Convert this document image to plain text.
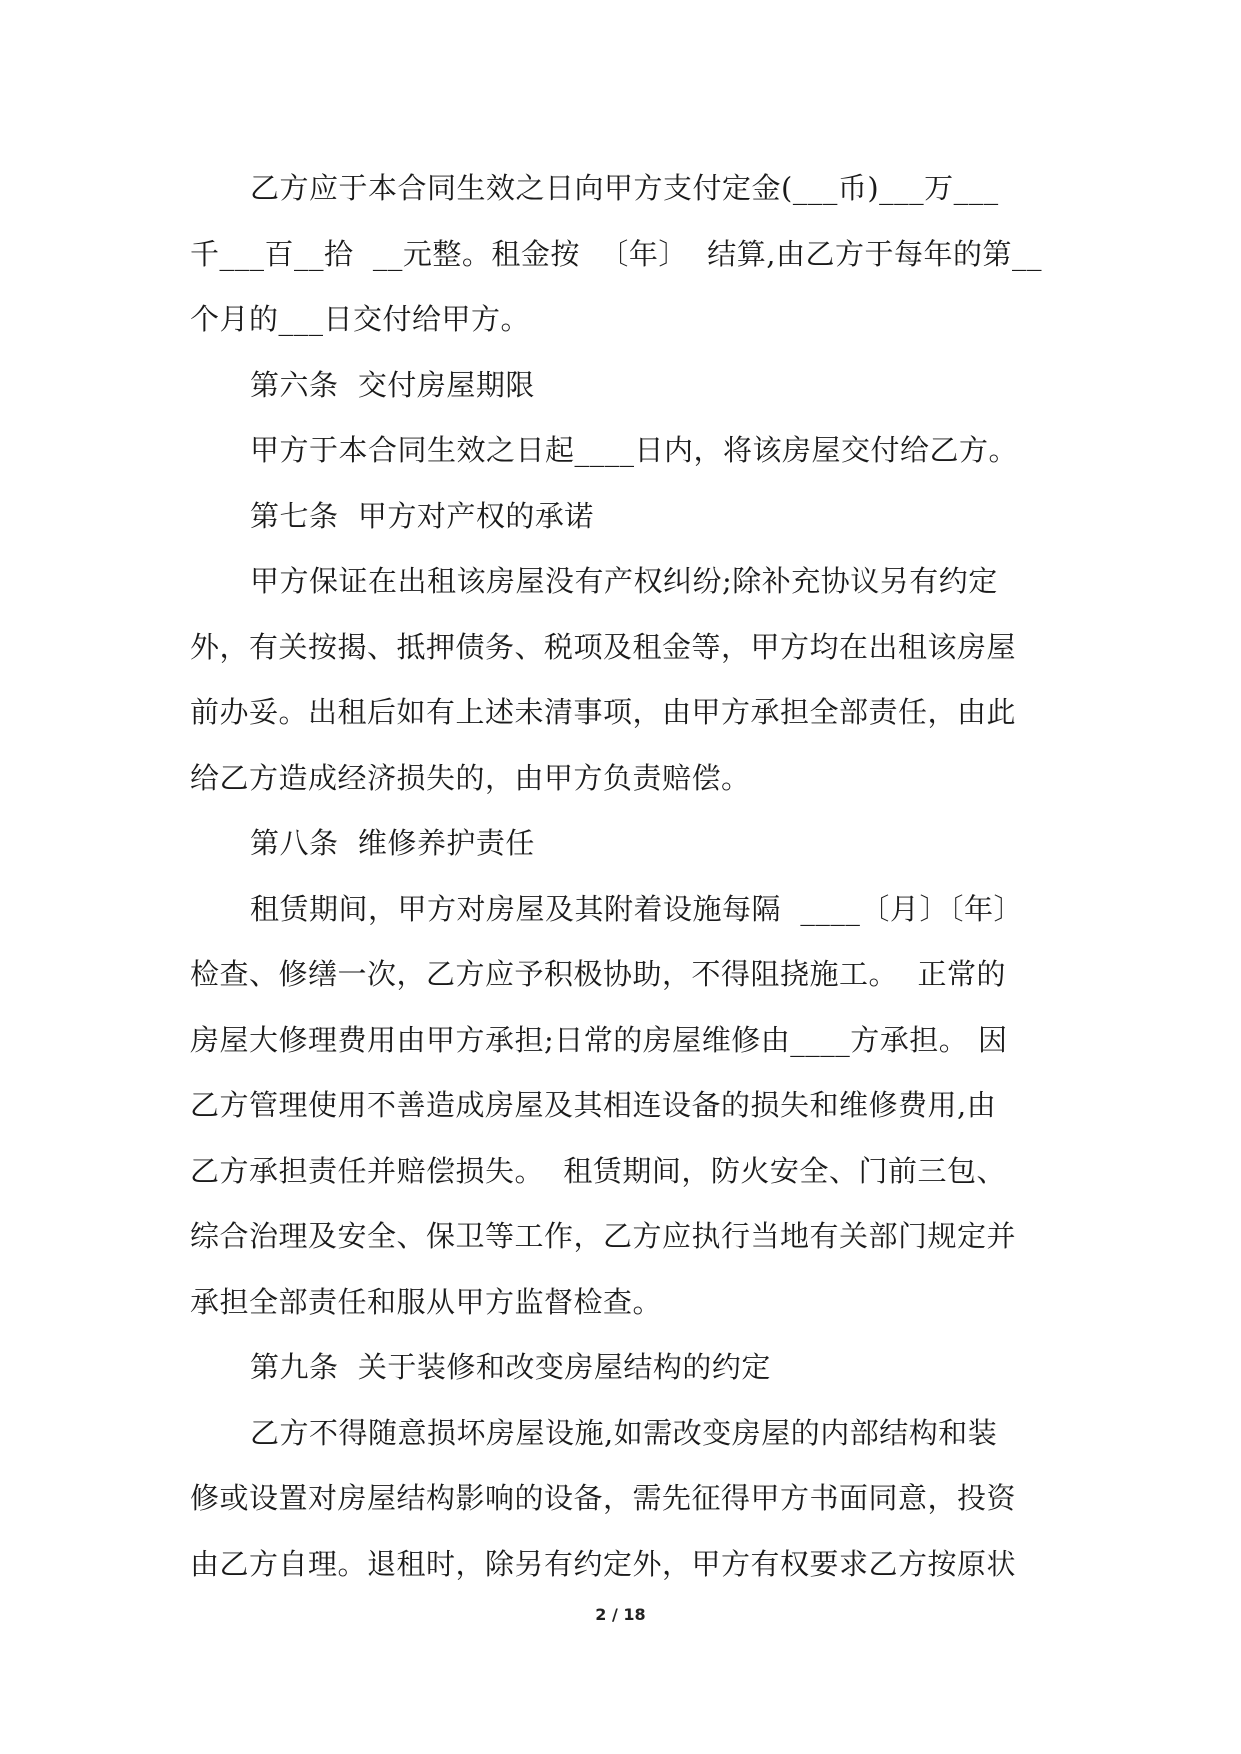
乙方应于本合同生效之日向甲方支付定金(___币)___万___
千___百__拾  __元整。租金按  〔年〕  结算,由乙方于每年的第__
个月的___日交付给甲方。
第六条  交付房屋期限
甲方于本合同生效之日起____日内，将该房屋交付给乙方。
第七条  甲方对产权的承诺
甲方保证在出租该房屋没有产权纠纷;除补充协议另有约定
外，有关按揭、抵押债务、税项及租金等，甲方均在出租该房屋
前办妥。出租后如有上述未清事项，由甲方承担全部责任，由此
给乙方造成经济损失的，由甲方负责赔偿。
第八条  维修养护责任
租赁期间，甲方对房屋及其附着设施每隔  ____〔月〕〔年〕
检查、修缮一次，乙方应予积极协助，不得阻挠施工。  正常的
房屋大修理费用由甲方承担;日常的房屋维修由____方承担。 因
乙方管理使用不善造成房屋及其相连设备的损失和维修费用,由
乙方承担责任并赔偿损失。  租赁期间，防火安全、门前三包、
综合治理及安全、保卫等工作，乙方应执行当地有关部门规定并
承担全部责任和服从甲方监督检查。
第九条  关于装修和改变房屋结构的约定
乙方不得随意损坏房屋设施,如需改变房屋的内部结构和装
修或设置对房屋结构影响的设备，需先征得甲方书面同意，投资
由乙方自理。退租时，除另有约定外，甲方有权要求乙方按原状
2 / 18
